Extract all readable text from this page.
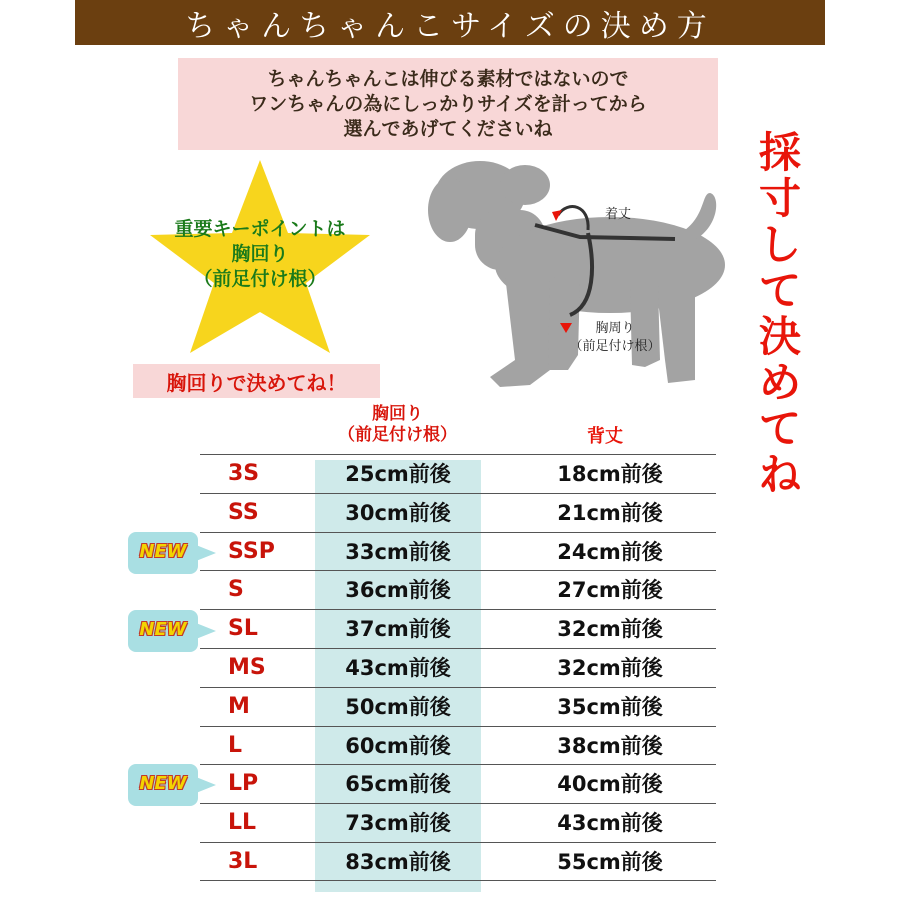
ちゃんちゃんこサイズの決め方
ちゃんちゃんこは伸びる素材ではないので
ワンちゃんの為にしっかりサイズを計ってから
選んであげてくださいね	採寸して決めてね
重要キーポイントは
胸回り
（前足付け根）
胸回りで決めてね！
着丈
胸周り
（前足付け根）
胸回り
（前足付け根）	背丈
3S	25cm前後	18cm前後
SS	30cm前後	21cm前後
SSP	33cm前後	24cm前後
S	36cm前後	27cm前後
SL	37cm前後	32cm前後
MS	43cm前後	32cm前後
M	50cm前後	35cm前後
L	60cm前後	38cm前後
LP	65cm前後	40cm前後
LL	73cm前後	43cm前後
3L	83cm前後	55cm前後
NEW
NEW
NEW
